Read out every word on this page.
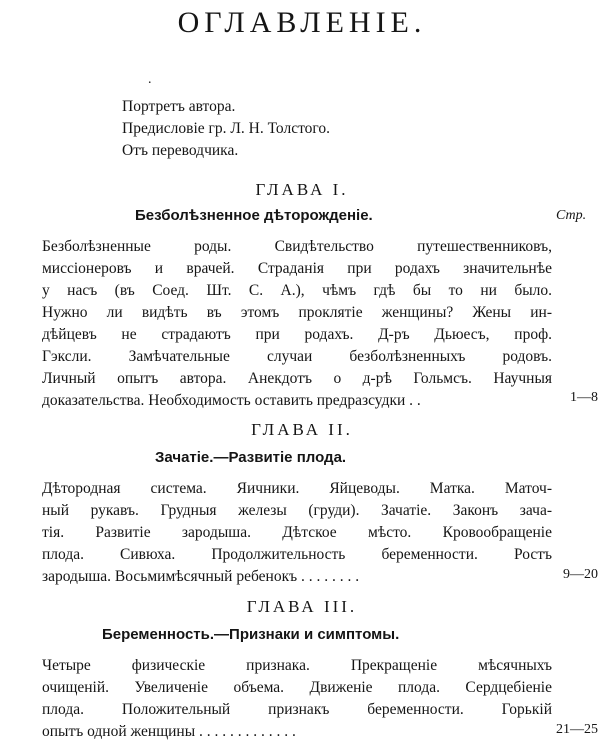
ОГЛАВЛЕНІЕ.
.
Портретъ автора.
Предисловіе гр. Л. Н. Толстого.
Отъ переводчика.
ГЛАВА I.
Безболѣзненное дѣторожденіе.	Стр.
Безболѣзненные роды. Свидѣтельство путешественниковъ,
миссіонеровъ и врачей. Страданія при родахъ значительнѣе
у насъ (въ Соед. Шт. С. А.), чѣмъ гдѣ бы то ни было.
Нужно ли видѣть въ этомъ проклятіе женщины? Жены ин-
дѣйцевъ не страдаютъ при родахъ. Д-ръ Дьюесъ, проф.
Гэксли. Замѣчательные случаи безболѣзненныхъ родовъ.
Личный опытъ автора. Анекдотъ о д-рѣ Гольмсъ. Научныя
доказательства. Необходимость оставить предразсудки . .	1—8
ГЛАВА II.
Зачатіе.—Развитіе плода.
Дѣтородная система. Яичники. Яйцеводы. Матка. Маточ-
ный рукавъ. Грудныя железы (груди). Зачатіе. Законъ зача-
тія. Развитіе зародыша. Дѣтское мѣсто. Кровообращеніе
плода. Сивюха. Продолжительность беременности. Ростъ
зародыша. Восьмимѣсячный ребенокъ . . . . . . . .	9—20
ГЛАВА III.
Беременность.—Признаки и симптомы.
Четыре физическіе признака. Прекращеніе мѣсячныхъ
очищеній. Увеличеніе объема. Движеніе плода. Сердцебіеніе
плода. Положительный признакъ беременности. Горькій
опытъ одной женщины . . . . . . . . . . . . .	21—25
